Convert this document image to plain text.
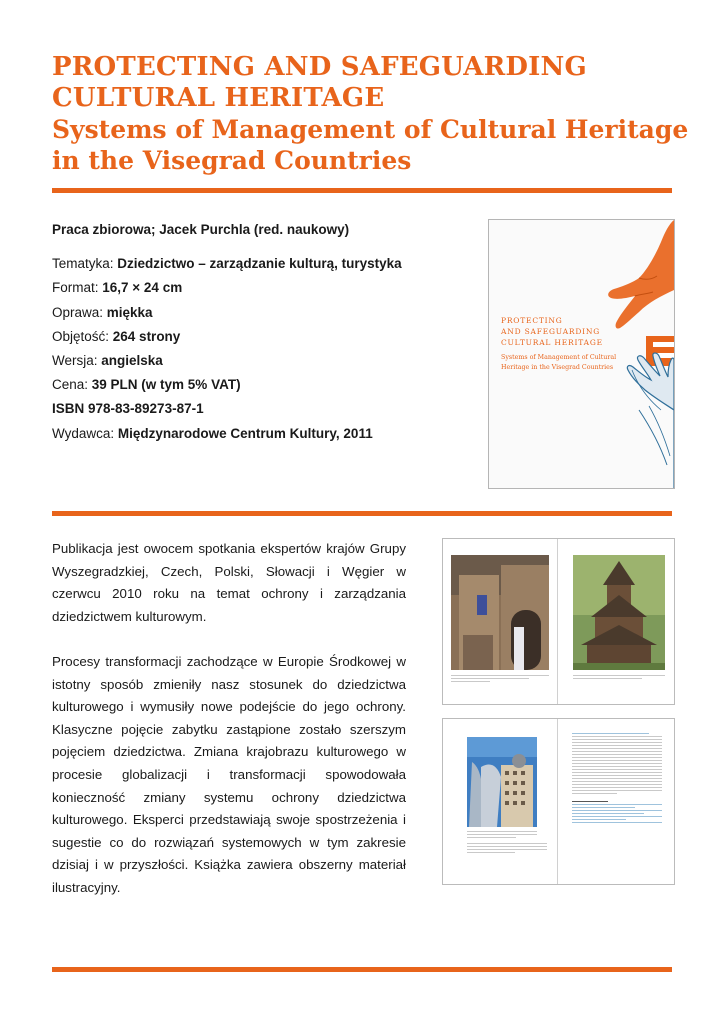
PROTECTING AND SAFEGUARDING
CULTURAL HERITAGE
Systems of Management of Cultural Heritage
in the Visegrad Countries
Praca zbiorowa; Jacek Purchla (red. naukowy)
Tematyka: Dziedzictwo – zarządzanie kulturą, turystyka
Format: 16,7 × 24 cm
Oprawa: miękka
Objętość: 264 strony
Wersja: angielska
Cena: 39 PLN (w tym 5% VAT)
ISBN 978-83-89273-87-1
Wydawca: Międzynarodowe Centrum Kultury, 2011
PROTECTING
AND SAFEGUARDING
CULTURAL HERITAGE
Systems of Management of Cultural
Heritage in the Visegrad Countries

Publikacja jest owocem spotkania ekspertów krajów Grupy Wyszegradzkiej, Czech, Polski, Słowacji i Węgier w czerwcu 2010 roku na temat ochrony i zarządzania dziedzictwem kulturowym.

Procesy transformacji zachodzące w Europie Środkowej w istotny sposób zmieniły nasz stosunek do dziedzictwa kulturowego i wymusiły nowe podejście do jego ochrony. Klasyczne pojęcie zabytku zastąpione zostało szerszym pojęciem dziedzictwa. Zmiana krajobrazu kulturowego w procesie globalizacji i transformacji spowodowała konieczność zmiany systemu ochrony dziedzictwa kulturowego. Eksperci przedstawiają swoje spostrzeżenia i sugestie co do rozwiązań systemowych w tym zakresie dzisiaj i w przyszłości. Książka zawiera obszerny materiał ilustracyjny.
